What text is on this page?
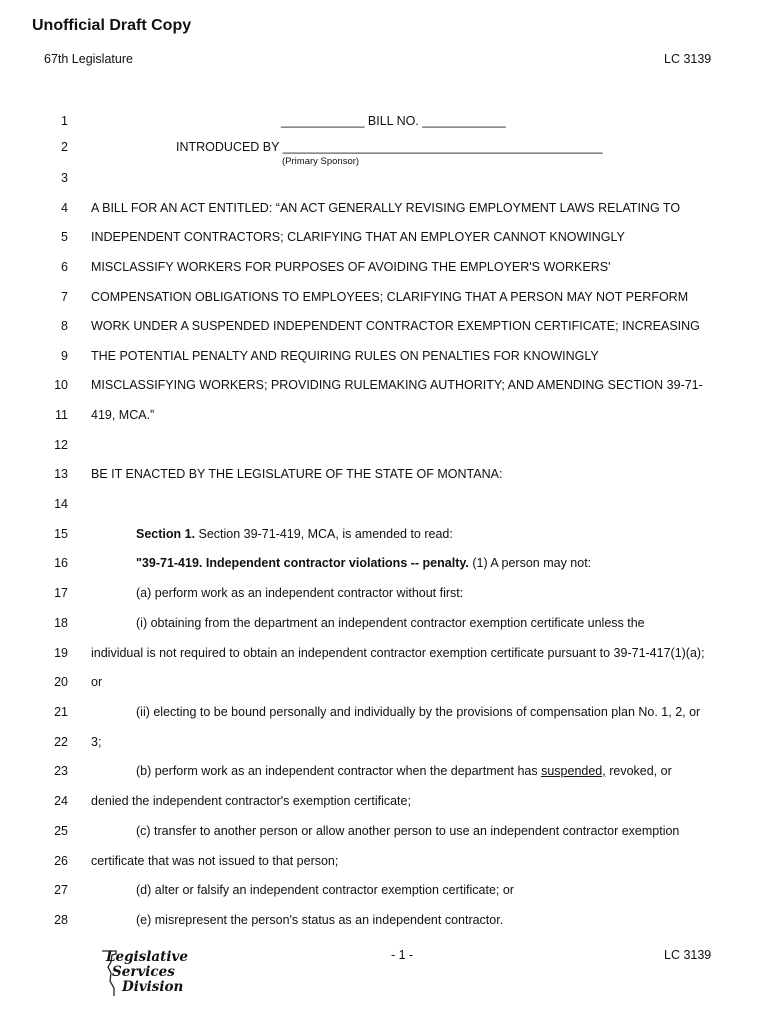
Unofficial Draft Copy
67th Legislature	LC 3139
1
2
3
4
5
6
7
8
9
10
11
12
13
14
15
16
17
18
19
20
21
22
23
24
25
26
27
28
____________ BILL NO. ____________
INTRODUCED BY ______________________________________________
(Primary Sponsor)
A BILL FOR AN ACT ENTITLED: “AN ACT GENERALLY REVISING EMPLOYMENT LAWS RELATING TO
INDEPENDENT CONTRACTORS; CLARIFYING THAT AN EMPLOYER CANNOT KNOWINGLY
MISCLASSIFY WORKERS FOR PURPOSES OF AVOIDING THE EMPLOYER'S WORKERS'
COMPENSATION OBLIGATIONS TO EMPLOYEES; CLARIFYING THAT A PERSON MAY NOT PERFORM
WORK UNDER A SUSPENDED INDEPENDENT CONTRACTOR EXEMPTION CERTIFICATE; INCREASING
THE POTENTIAL PENALTY AND REQUIRING RULES ON PENALTIES FOR KNOWINGLY
MISCLASSIFYING WORKERS; PROVIDING RULEMAKING AUTHORITY; AND AMENDING SECTION 39-71-
419, MCA.”
BE IT ENACTED BY THE LEGISLATURE OF THE STATE OF MONTANA:
Section 1. Section 39-71-419, MCA, is amended to read:
"39-71-419. Independent contractor violations -- penalty. (1) A person may not:
(a) perform work as an independent contractor without first:
(i) obtaining from the department an independent contractor exemption certificate unless the
individual is not required to obtain an independent contractor exemption certificate pursuant to 39-71-417(1)(a);
or
(ii) electing to be bound personally and individually by the provisions of compensation plan No. 1, 2, or
3;
(b) perform work as an independent contractor when the department has suspended, revoked, or
denied the independent contractor's exemption certificate;
(c) transfer to another person or allow another person to use an independent contractor exemption
certificate that was not issued to that person;
(d) alter or falsify an independent contractor exemption certificate; or
(e) misrepresent the person's status as an independent contractor.
Legislative
Services
Division
- 1 -	LC 3139
